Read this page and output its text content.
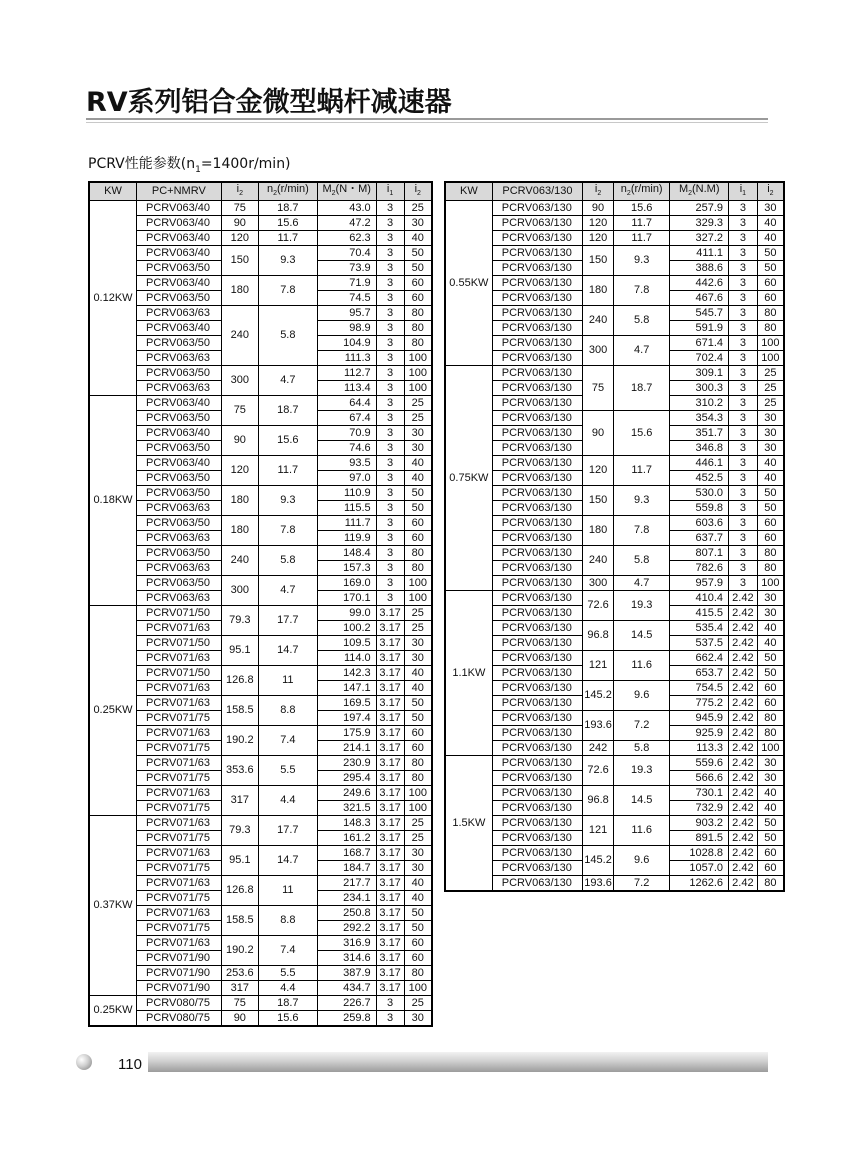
RV系列铝合金微型蜗杆减速器
PCRV性能参数$(n_1=1400r/\min)$
KW	PC+NMRV	$i_2$	$n_2(r/\min)$	$M_2(N$・M)	$i_1$	$i_2$
0.12KW	PCRV063/40	75	18.7	43.0	3	25
	PCRV063/40	90	15.6	47.2	3	30
	PCRV063/40	120	11.7	62.3	3	40
	PCRV063/40	150	9.3	70.4	3	50
	PCRV063/50			73.9	3	50
	PCRV063/40	180	7.8	71.9	3	60
	PCRV063/50			74.5	3	60
	PCRV063/63	240	5.8	95.7	3	80
	PCRV063/40			98.9	3	80
	PCRV063/50			104.9	3	80
	PCRV063/63			111.3	3	100
	PCRV063/50	300	4.7	112.7	3	100
	PCRV063/63			113.4	3	100
0.18KW	PCRV063/40	75	18.7	64.4	3	25
	PCRV063/50			67.4	3	25
	PCRV063/40	90	15.6	70.9	3	30
	PCRV063/50			74.6	3	30
	PCRV063/40	120	11.7	93.5	3	40
	PCRV063/50			97.0	3	40
	PCRV063/50	180	9.3	110.9	3	50
	PCRV063/63			115.5	3	50
	PCRV063/50	180	7.8	111.7	3	60
	PCRV063/63			119.9	3	60
	PCRV063/50	240	5.8	148.4	3	80
	PCRV063/63			157.3	3	80
	PCRV063/50	300	4.7	169.0	3	100
	PCRV063/63			170.1	3	100
0.25KW	PCRV071/50	79.3	17.7	99.0	3.17	25
	PCRV071/63			100.2	3.17	25
	PCRV071/50	95.1	14.7	109.5	3.17	30
	PCRV071/63			114.0	3.17	30
	PCRV071/50	126.8	11	142.3	3.17	40
	PCRV071/63			147.1	3.17	40
	PCRV071/63	158.5	8.8	169.5	3.17	50
	PCRV071/75			197.4	3.17	50
	PCRV071/63	190.2	7.4	175.9	3.17	60
	PCRV071/75			214.1	3.17	60
	PCRV071/63	353.6	5.5	230.9	3.17	80
	PCRV071/75			295.4	3.17	80
	PCRV071/63	317	4.4	249.6	3.17	100
	PCRV071/75			321.5	3.17	100
0.37KW	PCRV071/63	79.3	17.7	148.3	3.17	25
	PCRV071/75			161.2	3.17	25
	PCRV071/63	95.1	14.7	168.7	3.17	30
	PCRV071/75			184.7	3.17	30
	PCRV071/63	126.8	11	217.7	3.17	40
	PCRV071/75			234.1	3.17	40
	PCRV071/63	158.5	8.8	250.8	3.17	50
	PCRV071/75			292.2	3.17	50
	PCRV071/63	190.2	7.4	316.9	3.17	60
	PCRV071/90			314.6	3.17	60
	PCRV071/90	253.6	5.5	387.9	3.17	80
	PCRV071/90	317	4.4	434.7	3.17	100
0.25KW	PCRV080/75	75	18.7	226.7	3	25
	PCRV080/75	90	15.6	259.8	3	30
KW	PCRV063/130	$i_2$	$n_2(r/\min)$	$M_2(N.M)$	$i_1$	$i_2$
0.55KW	PCRV063/130	90	15.6	257.9	3	30
	PCRV063/130	120	11.7	329.3	3	40
	PCRV063/130	120	11.7	327.2	3	40
	PCRV063/130	150	9.3	411.1	3	50
	PCRV063/130			388.6	3	50
	PCRV063/130	180	7.8	442.6	3	60
	PCRV063/130			467.6	3	60
	PCRV063/130	240	5.8	545.7	3	80
	PCRV063/130			591.9	3	80
	PCRV063/130	300	4.7	671.4	3	100
	PCRV063/130			702.4	3	100
0.75KW	PCRV063/130	75	18.7	309.1	3	25
	PCRV063/130			300.3	3	25
	PCRV063/130			310.2	3	25
	PCRV063/130	90	15.6	354.3	3	30
	PCRV063/130			351.7	3	30
	PCRV063/130			346.8	3	30
	PCRV063/130	120	11.7	446.1	3	40
	PCRV063/130			452.5	3	40
	PCRV063/130	150	9.3	530.0	3	50
	PCRV063/130			559.8	3	50
	PCRV063/130	180	7.8	603.6	3	60
	PCRV063/130			637.7	3	60
	PCRV063/130	240	5.8	807.1	3	80
	PCRV063/130			782.6	3	80
	PCRV063/130	300	4.7	957.9	3	100
1.1KW	PCRV063/130	72.6	19.3	410.4	2.42	30
	PCRV063/130			415.5	2.42	30
	PCRV063/130	96.8	14.5	535.4	2.42	40
	PCRV063/130			537.5	2.42	40
	PCRV063/130	121	11.6	662.4	2.42	50
	PCRV063/130			653.7	2.42	50
	PCRV063/130	145.2	9.6	754.5	2.42	60
	PCRV063/130			775.2	2.42	60
	PCRV063/130	193.6	7.2	945.9	2.42	80
	PCRV063/130			925.9	2.42	80
	PCRV063/130	242	5.8	113.3	2.42	100
1.5KW	PCRV063/130	72.6	19.3	559.6	2.42	30
	PCRV063/130			566.6	2.42	30
	PCRV063/130	96.8	14.5	730.1	2.42	40
	PCRV063/130			732.9	2.42	40
	PCRV063/130	121	11.6	903.2	2.42	50
	PCRV063/130			891.5	2.42	50
	PCRV063/130	145.2	9.6	1028.8	2.42	60
	PCRV063/130			1057.0	2.42	60
	PCRV063/130	193.6	7.2	1262.6	2.42	80
110
